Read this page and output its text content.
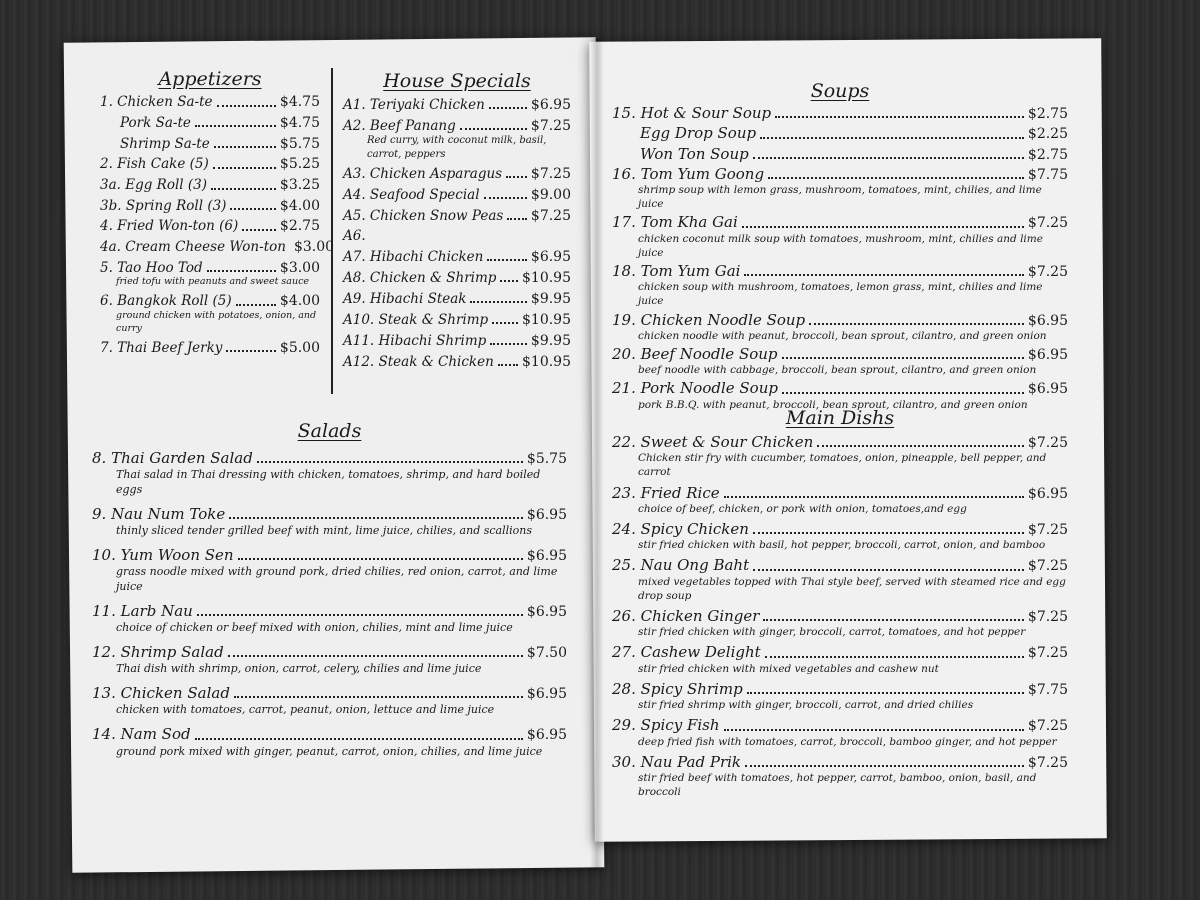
Appetizers
1. Chicken Sa-te	$4.75
Pork Sa-te	$4.75
Shrimp Sa-te	$5.75
2. Fish Cake (5)	$5.25
3a. Egg Roll (3)	$3.25
3b. Spring Roll (3)	$4.00
4. Fried Won-ton (6)	$2.75
4a. Cream Cheese Won-ton $3.00
5. Tao Hoo Tod	$3.00
fried tofu with peanuts and sweet sauce
6. Bangkok Roll (5)	$4.00
ground chicken with potatoes, onion, and curry
7. Thai Beef Jerky	$5.00
House Specials
A1. Teriyaki Chicken	$6.95
A2. Beef Panang	$7.25
Red curry, with coconut milk, basil, carrot, peppers
A3. Chicken Asparagus $7.25
A4. Seafood Special	$9.00
A5. Chicken Snow Peas $7.25
A6.
A7. Hibachi Chicken	$6.95
A8. Chicken & Shrimp $10.95
A9. Hibachi Steak	$9.95
A10. Steak & Shrimp $10.95
A11. Hibachi Shrimp	$9.95
A12. Steak & Chicken $10.95
Salads
8. Thai Garden Salad	$5.75
Thai salad in Thai dressing with chicken, tomatoes, shrimp, and hard boiled eggs
9. Nau Num Toke	$6.95
thinly sliced tender grilled beef with mint, lime juice, chilies, and scallions
10. Yum Woon Sen	$6.95
grass noodle mixed with ground pork, dried chilies, red onion, carrot, and lime juice
11. Larb Nau	$6.95
choice of chicken or beef mixed with onion, chilies, mint and lime juice
12. Shrimp Salad	$7.50
Thai dish with shrimp, onion, carrot, celery, chilies and lime juice
13. Chicken Salad	$6.95
chicken with tomatoes, carrot, peanut, onion, lettuce and lime juice
14. Nam Sod	$6.95
ground pork mixed with ginger, peanut, carrot, onion, chilies, and lime juice
Soups
15. Hot & Sour Soup	$2.75
Egg Drop Soup	$2.25
Won Ton Soup	$2.75
16. Tom Yum Goong	$7.75
shrimp soup with lemon grass, mushroom, tomatoes, mint, chilies, and lime juice
17. Tom Kha Gai	$7.25
chicken coconut milk soup with tomatoes, mushroom, mint, chilies and lime juice
18. Tom Yum Gai	$7.25
chicken soup with mushroom, tomatoes, lemon grass, mint, chilies and lime juice
19. Chicken Noodle Soup	$6.95
chicken noodle with peanut, broccoli, bean sprout, cilantro, and green onion
20. Beef Noodle Soup	$6.95
beef noodle with cabbage, broccoli, bean sprout, cilantro, and green onion
21. Pork Noodle Soup	$6.95
pork B.B.Q. with peanut, broccoli, bean sprout, cilantro, and green onion
Main Dishs
22. Sweet & Sour Chicken	$7.25
Chicken stir fry with cucumber, tomatoes, onion, pineapple, bell pepper, and carrot
23. Fried Rice	$6.95
choice of beef, chicken, or pork with onion, tomatoes,and egg
24. Spicy Chicken	$7.25
stir fried chicken with basil, hot pepper, broccoli, carrot, onion, and bamboo
25. Nau Ong Baht	$7.25
mixed vegetables topped with Thai style beef, served with steamed rice and egg drop soup
26. Chicken Ginger	$7.25
stir fried chicken with ginger, broccoli, carrot, tomatoes, and hot pepper
27. Cashew Delight	$7.25
stir fried chicken with mixed vegetables and cashew nut
28. Spicy Shrimp	$7.75
stir fried shrimp with ginger, broccoli, carrot, and dried chilies
29. Spicy Fish	$7.25
deep fried fish with tomatoes, carrot, broccoli, bamboo ginger, and hot pepper
30. Nau Pad Prik	$7.25
stir fried beef with tomatoes, hot pepper, carrot, bamboo, onion, basil, and broccoli
